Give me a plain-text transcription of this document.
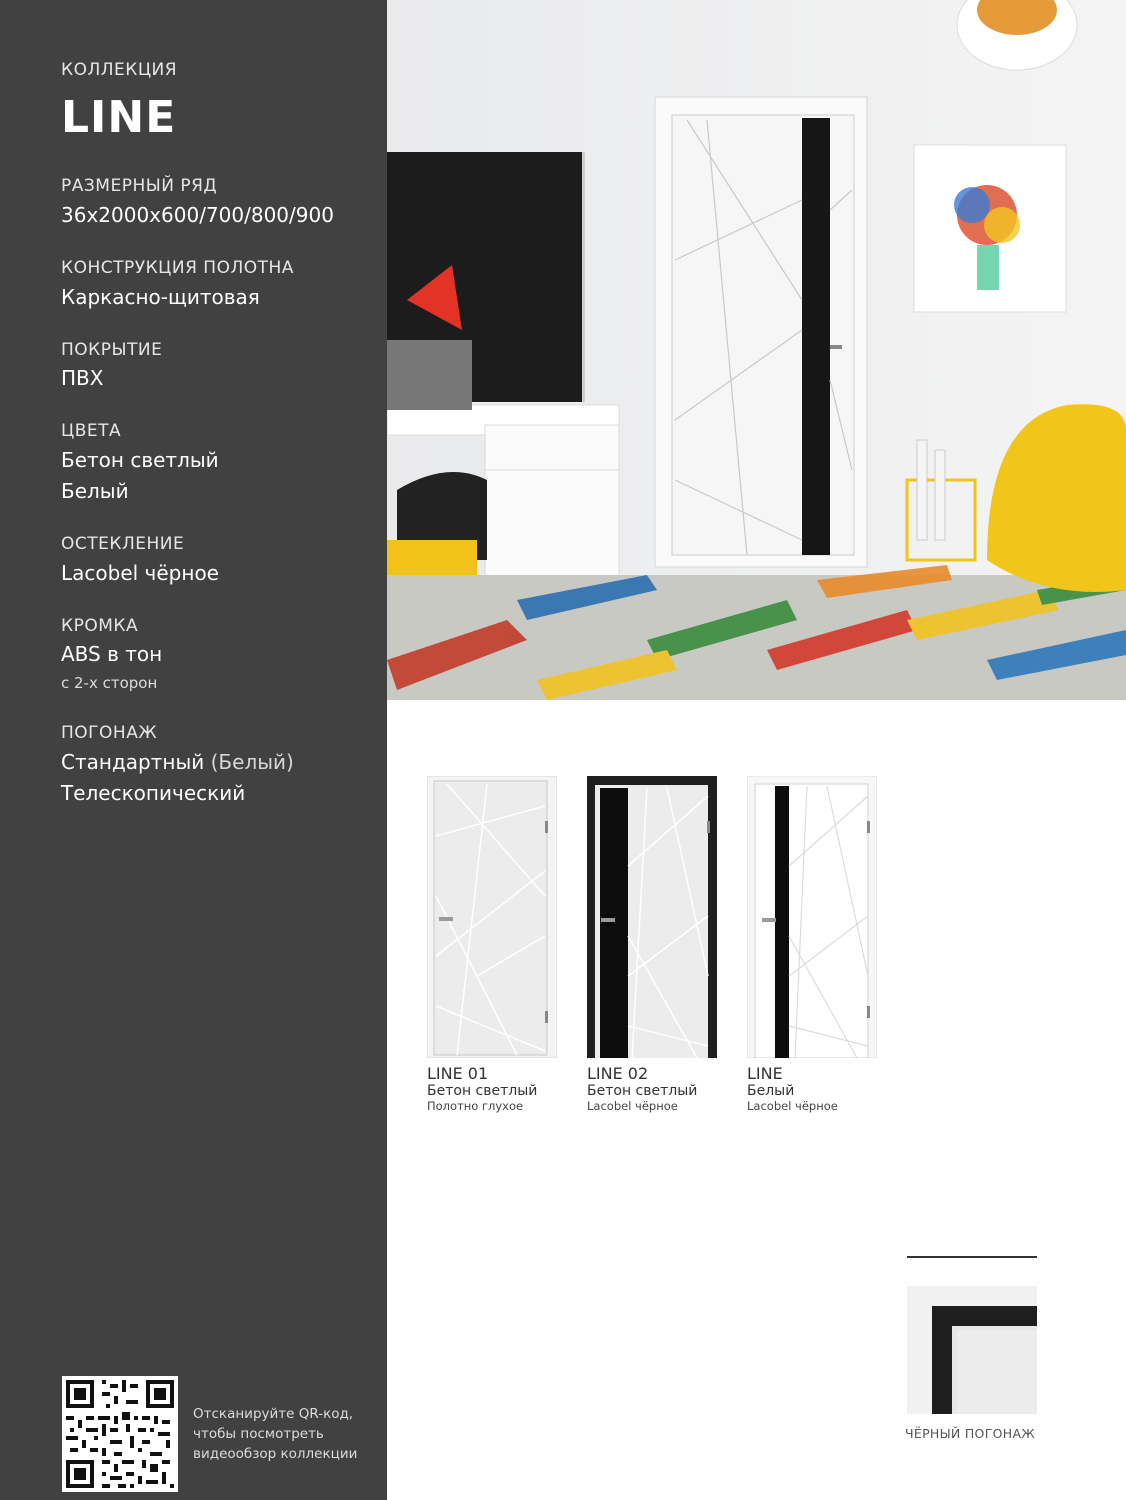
КОЛЛЕКЦИЯ
LINE
РАЗМЕРНЫЙ РЯД
36x2000x600/700/800/900
КОНСТРУКЦИЯ ПОЛОТНА
Каркасно-щитовая
ПОКРЫТИЕ
ПВХ
ЦВЕТА
Бетон светлый
Белый
ОСТЕКЛЕНИЕ
Lacobel чёрное
КРОМКА
ABS в тон
с 2-х сторон
ПОГОНАЖ
Стандартный (Белый)
Телескопический
Отсканируйте QR-код,
чтобы посмотреть
видеообзор коллекции
LINE 01
Бетон светлый
Полотно глухое
LINE 02
Бетон светлый
Lacobel чёрное
LINE
Белый
Lacobel чёрное
ЧЁРНЫЙ ПОГОНАЖ
